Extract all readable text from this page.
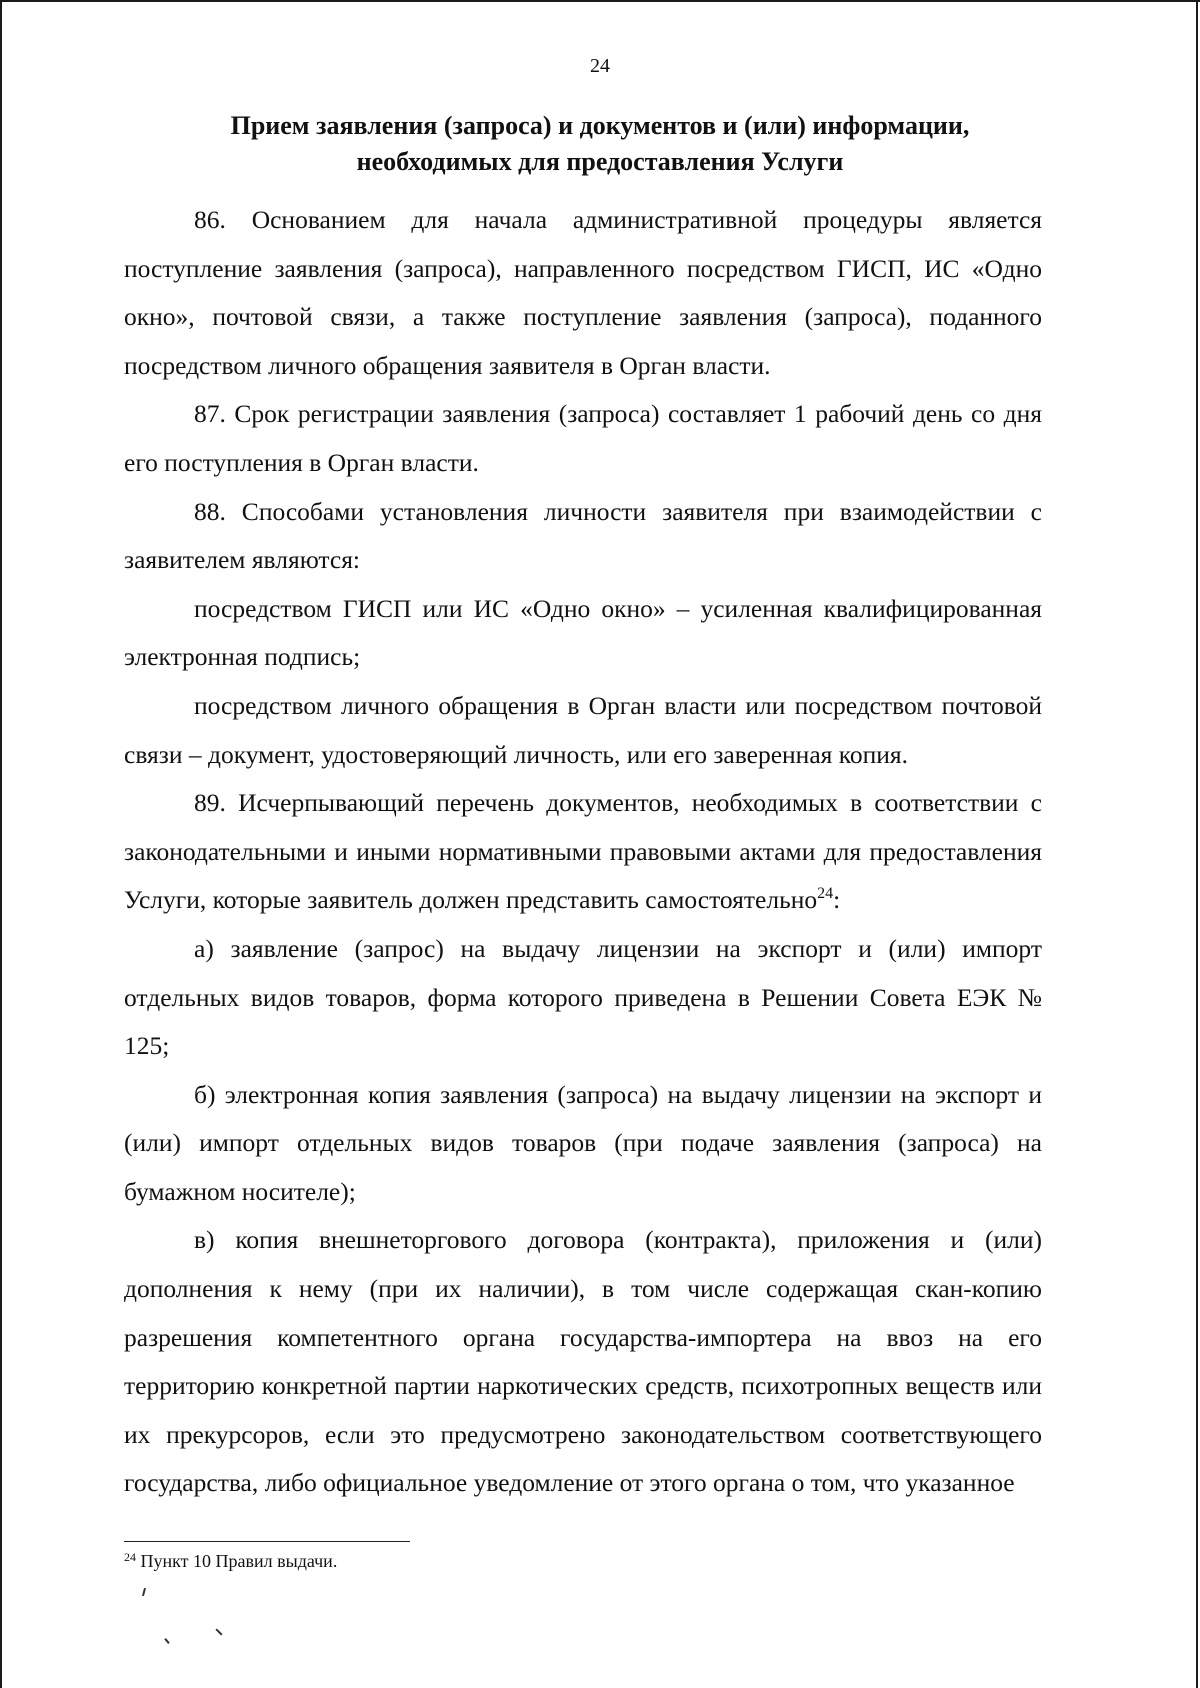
24
Прием заявления (запроса) и документов и (или) информации,
необходимых для предоставления Услуги

86. Основанием для начала административной процедуры является поступление заявления (запроса), направленного посредством ГИСП, ИС «Одно окно», почтовой связи, а также поступление заявления (запроса), поданного посредством личного обращения заявителя в Орган власти.

87. Срок регистрации заявления (запроса) составляет 1 рабочий день со дня его поступления в Орган власти.

88. Способами установления личности заявителя при взаимодействии с заявителем являются:

посредством ГИСП или ИС «Одно окно» – усиленная квалифицированная электронная подпись;

посредством личного обращения в Орган власти или посредством почтовой связи – документ, удостоверяющий личность, или его заверенная копия.

89. Исчерпывающий перечень документов, необходимых в соответствии с законодательными и иными нормативными правовыми актами для предоставления Услуги, которые заявитель должен представить самостоятельно$^{24}$:

а) заявление (запрос) на выдачу лицензии на экспорт и (или) импорт отдельных видов товаров, форма которого приведена в Решении Совета ЕЭК № 125;

б) электронная копия заявления (запроса) на выдачу лицензии на экспорт и (или) импорт отдельных видов товаров (при подаче заявления (запроса) на бумажном носителе);

в) копия внешнеторгового договора (контракта), приложения и (или) дополнения к нему (при их наличии), в том числе содержащая скан-копию разрешения компетентного органа государства-импортера на ввоз на его территорию конкретной партии наркотических средств, психотропных веществ или их прекурсоров, если это предусмотрено законодательством соответствующего государства, либо официальное уведомление от этого органа о том, что указанное

$^{24}$ Пункт 10 Правил выдачи.
